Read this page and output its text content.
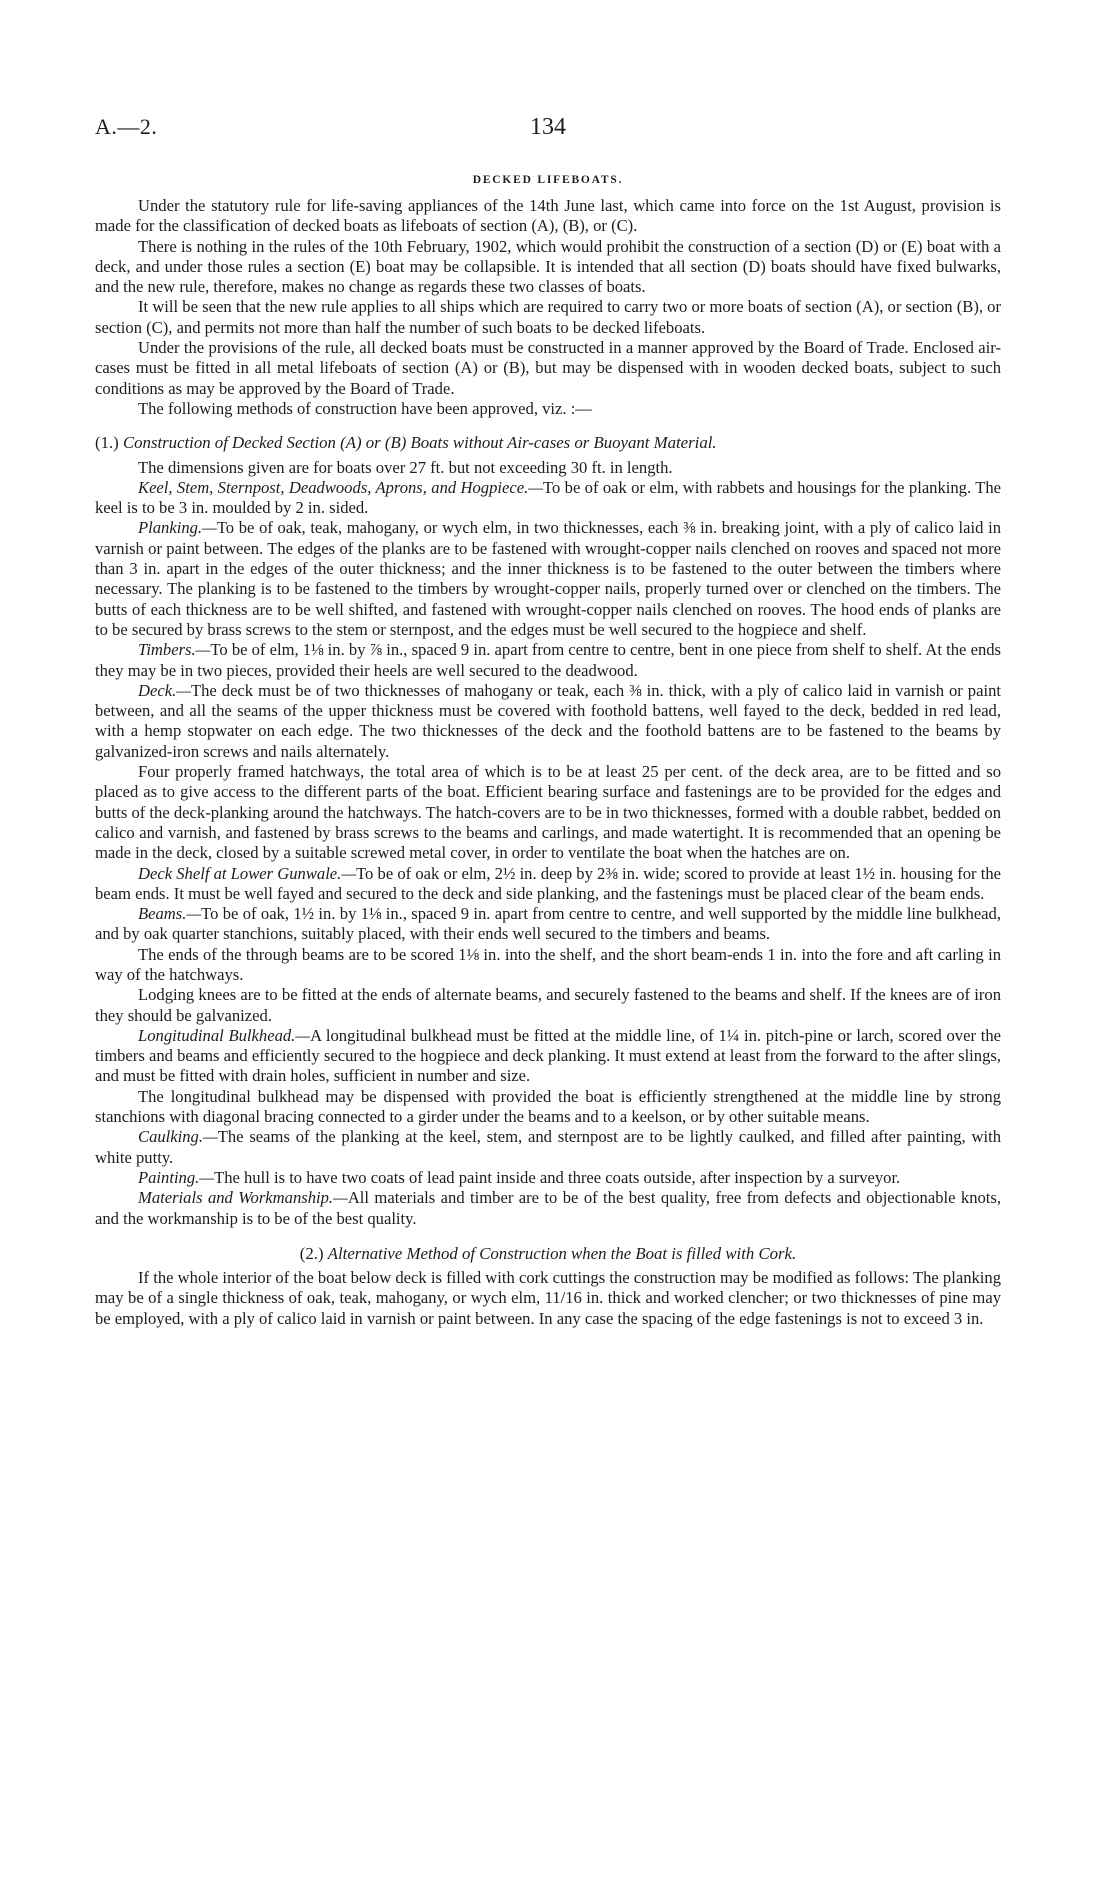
A.—2.	134
DECKED LIFEBOATS.

Under the statutory rule for life-saving appliances of the 14th June last, which came into force on the 1st August, provision is made for the classification of decked boats as lifeboats of section (A), (B), or (C).

There is nothing in the rules of the 10th February, 1902, which would prohibit the construction of a section (D) or (E) boat with a deck, and under those rules a section (E) boat may be collapsible. It is intended that all section (D) boats should have fixed bulwarks, and the new rule, therefore, makes no change as regards these two classes of boats.

It will be seen that the new rule applies to all ships which are required to carry two or more boats of section (A), or section (B), or section (C), and permits not more than half the number of such boats to be decked lifeboats.

Under the provisions of the rule, all decked boats must be constructed in a manner approved by the Board of Trade. Enclosed air-cases must be fitted in all metal lifeboats of section (A) or (B), but may be dispensed with in wooden decked boats, subject to such conditions as may be approved by the Board of Trade.

The following methods of construction have been approved, viz. :—

(1.) Construction of Decked Section (A) or (B) Boats without Air-cases or Buoyant Material.

The dimensions given are for boats over 27 ft. but not exceeding 30 ft. in length.

Keel, Stem, Sternpost, Deadwoods, Aprons, and Hogpiece.—To be of oak or elm, with rabbets and housings for the planking. The keel is to be 3 in. moulded by 2 in. sided.

Planking.—To be of oak, teak, mahogany, or wych elm, in two thicknesses, each ⅜ in. breaking joint, with a ply of calico laid in varnish or paint between. The edges of the planks are to be fastened with wrought-copper nails clenched on rooves and spaced not more than 3 in. apart in the edges of the outer thickness; and the inner thickness is to be fastened to the outer between the timbers where necessary. The planking is to be fastened to the timbers by wrought-copper nails, properly turned over or clenched on the timbers. The butts of each thickness are to be well shifted, and fastened with wrought-copper nails clenched on rooves. The hood ends of planks are to be secured by brass screws to the stem or sternpost, and the edges must be well secured to the hogpiece and shelf.

Timbers.—To be of elm, 1⅛ in. by ⅞ in., spaced 9 in. apart from centre to centre, bent in one piece from shelf to shelf. At the ends they may be in two pieces, provided their heels are well secured to the deadwood.

Deck.—The deck must be of two thicknesses of mahogany or teak, each ⅜ in. thick, with a ply of calico laid in varnish or paint between, and all the seams of the upper thickness must be covered with foothold battens, well fayed to the deck, bedded in red lead, with a hemp stopwater on each edge. The two thicknesses of the deck and the foothold battens are to be fastened to the beams by galvanized-iron screws and nails alternately.

Four properly framed hatchways, the total area of which is to be at least 25 per cent. of the deck area, are to be fitted and so placed as to give access to the different parts of the boat. Efficient bearing surface and fastenings are to be provided for the edges and butts of the deck-planking around the hatchways. The hatch-covers are to be in two thicknesses, formed with a double rabbet, bedded on calico and varnish, and fastened by brass screws to the beams and carlings, and made watertight. It is recommended that an opening be made in the deck, closed by a suitable screwed metal cover, in order to ventilate the boat when the hatches are on.

Deck Shelf at Lower Gunwale.—To be of oak or elm, 2½ in. deep by 2⅜ in. wide; scored to provide at least 1½ in. housing for the beam ends. It must be well fayed and secured to the deck and side planking, and the fastenings must be placed clear of the beam ends.

Beams.—To be of oak, 1½ in. by 1⅛ in., spaced 9 in. apart from centre to centre, and well supported by the middle line bulkhead, and by oak quarter stanchions, suitably placed, with their ends well secured to the timbers and beams.

The ends of the through beams are to be scored 1⅛ in. into the shelf, and the short beam-ends 1 in. into the fore and aft carling in way of the hatchways.

Lodging knees are to be fitted at the ends of alternate beams, and securely fastened to the beams and shelf. If the knees are of iron they should be galvanized.

Longitudinal Bulkhead.—A longitudinal bulkhead must be fitted at the middle line, of 1¼ in. pitch-pine or larch, scored over the timbers and beams and efficiently secured to the hogpiece and deck planking. It must extend at least from the forward to the after slings, and must be fitted with drain holes, sufficient in number and size.

The longitudinal bulkhead may be dispensed with provided the boat is efficiently strengthened at the middle line by strong stanchions with diagonal bracing connected to a girder under the beams and to a keelson, or by other suitable means.

Caulking.—The seams of the planking at the keel, stem, and sternpost are to be lightly caulked, and filled after painting, with white putty.

Painting.—The hull is to have two coats of lead paint inside and three coats outside, after inspection by a surveyor.

Materials and Workmanship.—All materials and timber are to be of the best quality, free from defects and objectionable knots, and the workmanship is to be of the best quality.

(2.) Alternative Method of Construction when the Boat is filled with Cork.

If the whole interior of the boat below deck is filled with cork cuttings the construction may be modified as follows: The planking may be of a single thickness of oak, teak, mahogany, or wych elm, 11/16 in. thick and worked clencher; or two thicknesses of pine may be employed, with a ply of calico laid in varnish or paint between. In any case the spacing of the edge fastenings is not to exceed 3 in.
